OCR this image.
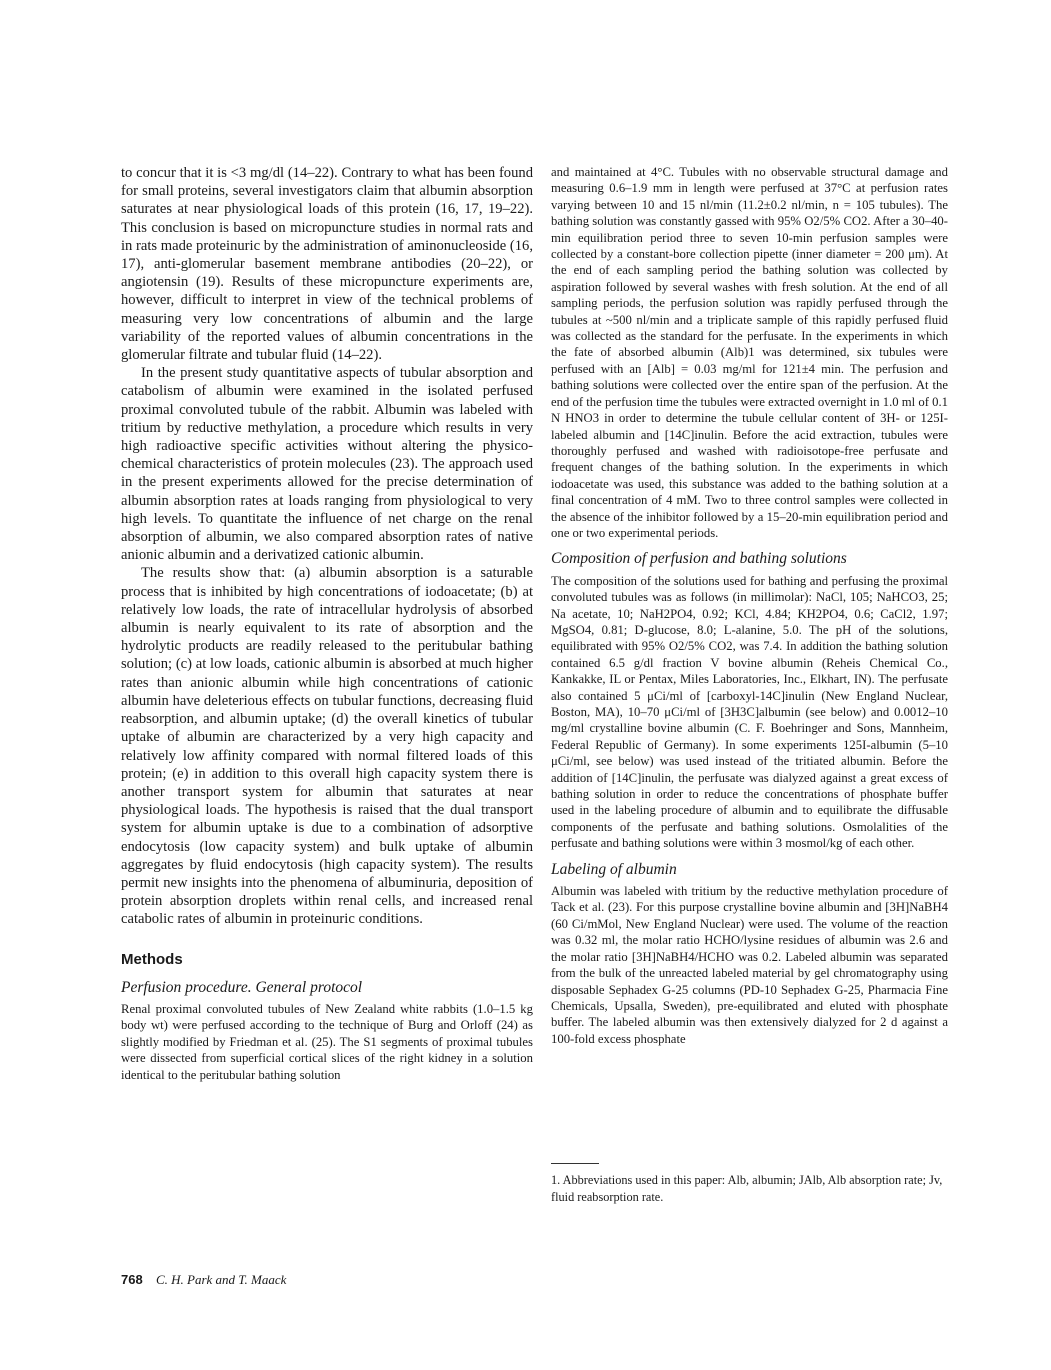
to concur that it is <3 mg/dl (14–22). Contrary to what has been found for small proteins, several investigators claim that albumin absorption saturates at near physiological loads of this protein (16, 17, 19–22). This conclusion is based on micropuncture studies in normal rats and in rats made proteinuric by the administration of aminonucleoside (16, 17), anti-glomerular basement membrane antibodies (20–22), or angiotensin (19). Results of these micropuncture experiments are, however, difficult to interpret in view of the technical problems of measuring very low concentrations of albumin and the large variability of the reported values of albumin concentrations in the glomerular filtrate and tubular fluid (14–22).

In the present study quantitative aspects of tubular absorption and catabolism of albumin were examined in the isolated perfused proximal convoluted tubule of the rabbit. Albumin was labeled with tritium by reductive methylation, a procedure which results in very high radioactive specific activities without altering the physico-chemical characteristics of protein molecules (23). The approach used in the present experiments allowed for the precise determination of albumin absorption rates at loads ranging from physiological to very high levels. To quantitate the influence of net charge on the renal absorption of albumin, we also compared absorption rates of native anionic albumin and a derivatized cationic albumin.

The results show that: (a) albumin absorption is a saturable process that is inhibited by high concentrations of iodoacetate; (b) at relatively low loads, the rate of intracellular hydrolysis of absorbed albumin is nearly equivalent to its rate of absorption and the hydrolytic products are readily released to the peritubular bathing solution; (c) at low loads, cationic albumin is absorbed at much higher rates than anionic albumin while high concentrations of cationic albumin have deleterious effects on tubular functions, decreasing fluid reabsorption, and albumin uptake; (d) the overall kinetics of tubular uptake of albumin are characterized by a very high capacity and relatively low affinity compared with normal filtered loads of this protein; (e) in addition to this overall high capacity system there is another transport system for albumin that saturates at near physiological loads. The hypothesis is raised that the dual transport system for albumin uptake is due to a combination of adsorptive endocytosis (low capacity system) and bulk uptake of albumin aggregates by fluid endocytosis (high capacity system). The results permit new insights into the phenomena of albuminuria, deposition of protein absorption droplets within renal cells, and increased renal catabolic rates of albumin in proteinuric conditions.

Methods
Perfusion procedure. General protocol

Renal proximal convoluted tubules of New Zealand white rabbits (1.0–1.5 kg body wt) were perfused according to the technique of Burg and Orloff (24) as slightly modified by Friedman et al. (25). The S1 segments of proximal tubules were dissected from superficial cortical slices of the right kidney in a solution identical to the peritubular bathing solution

and maintained at 4°C. Tubules with no observable structural damage and measuring 0.6–1.9 mm in length were perfused at 37°C at perfusion rates varying between 10 and 15 nl/min (11.2±0.2 nl/min, n = 105 tubules). The bathing solution was constantly gassed with 95% O2/5% CO2. After a 30–40-min equilibration period three to seven 10-min perfusion samples were collected by a constant-bore collection pipette (inner diameter = 200 μm). At the end of each sampling period the bathing solution was collected by aspiration followed by several washes with fresh solution. At the end of all sampling periods, the perfusion solution was rapidly perfused through the tubules at ~500 nl/min and a triplicate sample of this rapidly perfused fluid was collected as the standard for the perfusate. In the experiments in which the fate of absorbed albumin (Alb)1 was determined, six tubules were perfused with an [Alb] = 0.03 mg/ml for 121±4 min. The perfusion and bathing solutions were collected over the entire span of the perfusion. At the end of the perfusion time the tubules were extracted overnight in 1.0 ml of 0.1 N HNO3 in order to determine the tubule cellular content of 3H- or 125I-labeled albumin and [14C]inulin. Before the acid extraction, tubules were thoroughly perfused and washed with radioisotope-free perfusate and frequent changes of the bathing solution. In the experiments in which iodoacetate was used, this substance was added to the bathing solution at a final concentration of 4 mM. Two to three control samples were collected in the absence of the inhibitor followed by a 15–20-min equilibration period and one or two experimental periods.

Composition of perfusion and bathing solutions

The composition of the solutions used for bathing and perfusing the proximal convoluted tubules was as follows (in millimolar): NaCl, 105; NaHCO3, 25; Na acetate, 10; NaH2PO4, 0.92; KCl, 4.84; KH2PO4, 0.6; CaCl2, 1.97; MgSO4, 0.81; D-glucose, 8.0; L-alanine, 5.0. The pH of the solutions, equilibrated with 95% O2/5% CO2, was 7.4. In addition the bathing solution contained 6.5 g/dl fraction V bovine albumin (Reheis Chemical Co., Kankakke, IL or Pentax, Miles Laboratories, Inc., Elkhart, IN). The perfusate also contained 5 μCi/ml of [carboxyl-14C]inulin (New England Nuclear, Boston, MA), 10–70 μCi/ml of [3H3C]albumin (see below) and 0.0012–10 mg/ml crystalline bovine albumin (C. F. Boehringer and Sons, Mannheim, Federal Republic of Germany). In some experiments 125I-albumin (5–10 μCi/ml, see below) was used instead of the tritiated albumin. Before the addition of [14C]inulin, the perfusate was dialyzed against a great excess of bathing solution in order to reduce the concentrations of phosphate buffer used in the labeling procedure of albumin and to equilibrate the diffusable components of the perfusate and bathing solutions. Osmolalities of the perfusate and bathing solutions were within 3 mosmol/kg of each other.

Labeling of albumin

Albumin was labeled with tritium by the reductive methylation procedure of Tack et al. (23). For this purpose crystalline bovine albumin and [3H]NaBH4 (60 Ci/mMol, New England Nuclear) were used. The volume of the reaction was 0.32 ml, the molar ratio HCHO/lysine residues of albumin was 2.6 and the molar ratio [3H]NaBH4/HCHO was 0.2. Labeled albumin was separated from the bulk of the unreacted labeled material by gel chromatography using disposable Sephadex G-25 columns (PD-10 Sephadex G-25, Pharmacia Fine Chemicals, Upsalla, Sweden), pre-equilibrated and eluted with phosphate buffer. The labeled albumin was then extensively dialyzed for 2 d against a 100-fold excess phosphate

1. Abbreviations used in this paper: Alb, albumin; JAlb, Alb absorption rate; Jv, fluid reabsorption rate.
768 C. H. Park and T. Maack
